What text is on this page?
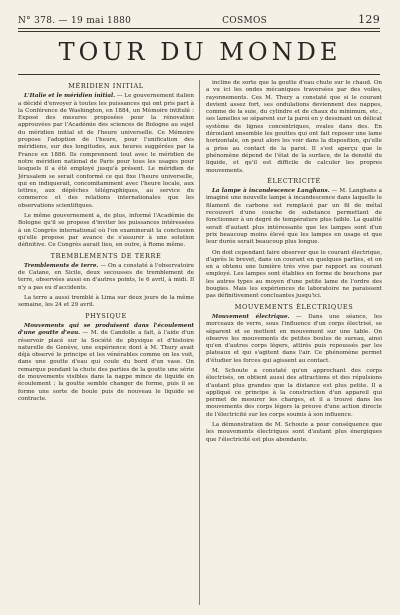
N° 378. — 19 mai 1880	COSMOS	129
TOUR DU MONDE
MÉRIDIEN INITIAL

L'Italie et le méridien initial. — Le gouvernement italien a décidé d'envoyer à toutes les puissances qui ont pris part à la Conférence de Washington, en 1884, un Mémoire intitulé : Exposé des mesures proposées pour la rénovation approuvées par l'Académie des sciences de Bologne au sujet du méridien initial et de l'heure universelle. Ce Mémoire propose l'adoption de l'heure, pour l'unification des méridiens, sur des longitudes, aux heures suggérées par la France en 1886. Ils comprennent tout avec le méridien de notre méridien national de Paris pour tous les usages pour lesquels il a été employé jusqu'à présent. Le méridien de Jérusalem se serait conformé ce qui fixe l'heure universelle, qui en indiquerait, concomitamment avec l'heure locale, aux lettres, aux dépêches télégraphiques, au service du commerce et des relations internationales que les observations scientifiques.

Le même gouvernement a, de plus, informé l'Académie de Bologne qu'il se propose d'inviter les puissances intéressées à un Congrès international où l'on examinerait la conclusion qu'elle propose par avance de s'assurer à une solution définitive. Ce Congrès aurait lieu, en outre, à Rome même.

TREMBLEMENTS DE TERRE

Tremblements de terre. — On a constaté à l'observatoire de Catane, en Sicile, deux secousses de tremblement de terre, observées aussi en d'autres points, le 6 avril, à midi. Il n'y a pas eu d'accidents.

La terre a aussi tremblé à Lima sur deux jours de la même semaine, les 24 et 29 avril.

PHYSIQUE

Mouvements qui se produisent dans l'écoulement d'une goutte d'eau. — M. de Candolle a fait, à l'aide d'un réservoir placé sur la Société de physique et d'histoire naturelle de Genève, une expérience dont à M. Thury avait déjà observé le principe et les vénérables comme on les voit, dans une goutte d'eau qui coule du bord d'un vase. On remarque pendant la chute des parties de la goutte une série de mouvements visibles dans la nappe mince de liquide en écoulement ; la goutte semble changer de forme, puis il se forme une sorte de boule puis de nouveau le liquide se contracte.

incline de sorte que la goutte d'eau chute sur le chaud. On a vu ici les ondes mécaniques traversées par des voiles, rayonnements. Ces M. Thury a constaté que si le courant devient assez fort, ses ondulations deviennent des nappes, comme de la suie, du cylindre et de chaux du minimum, etc., ses lamelles se séparent sur la paroi en y dessinant un délicat système de lignes concentriques, ovales dans des. En déroulant ensemble les gouttes qui ont fait reposer une lame horizontale, on peut alors les voir dans la disposition, qu'elle a prise au contact de la paroi. Il s'est aperçu que le phénomène dépend de l'état de la surface, de la densité du liquide, et qu'il est difficile de calculer les propres mouvements.

ÉLECTRICITÉ

La lampe à incandescence Langhans. — M. Langhans a imaginé une nouvelle lampe à incandescence dans laquelle le filament de carbone est remplacé par un fil de métal recouvert d'une couche de substance permettant de fonctionner à un degré de température plus faible. La qualité serait d'autant plus intéressante que les lampes sont d'un prix beaucoup moins élevé que les lampes en usage et que leur durée serait beaucoup plus longue.

On doit cependant faire observer que le courant électrique, d'après le brevet, dans un courant en quelques parties, et on en a obtenu une lumière très vive par rapport au courant employé. Les lampes sont établies en forme de bouchons par les autres types au moyen d'une petite lame de l'ordre des bougies. Mais les expériences de laboratoire ne paraissent pas définitivement concluantes jusqu'ici.

MOUVEMENTS ÉLECTRIQUES

Mouvement électrique. — Dans une séance, les morceaux de verre, sous l'influence d'un corps électrisé, se séparent et se mettent en mouvement sur une table. On observe les mouvements de petites boules de sureau, ainsi qu'en d'autres corps légers, attirés puis repoussés par les plateaux et qui s'agitent dans l'air. Ce phénomène permet d'étudier les forces qui agissent au contact.

M. Schoute a constaté qu'en approchant des corps électrisés, on obtient aussi des attractions et des répulsions d'autant plus grandes que la distance est plus petite. Il a appliqué ce principe à la construction d'un appareil qui permet de mesurer les charges, et il a trouvé dans les mouvements des corps légers la preuve d'une action directe de l'électricité sur les corps soumis à son influence.

La démonstration de M. Schoute a pour conséquence que les mouvements électriques sont d'autant plus énergiques que l'électricité est plus abondante.
